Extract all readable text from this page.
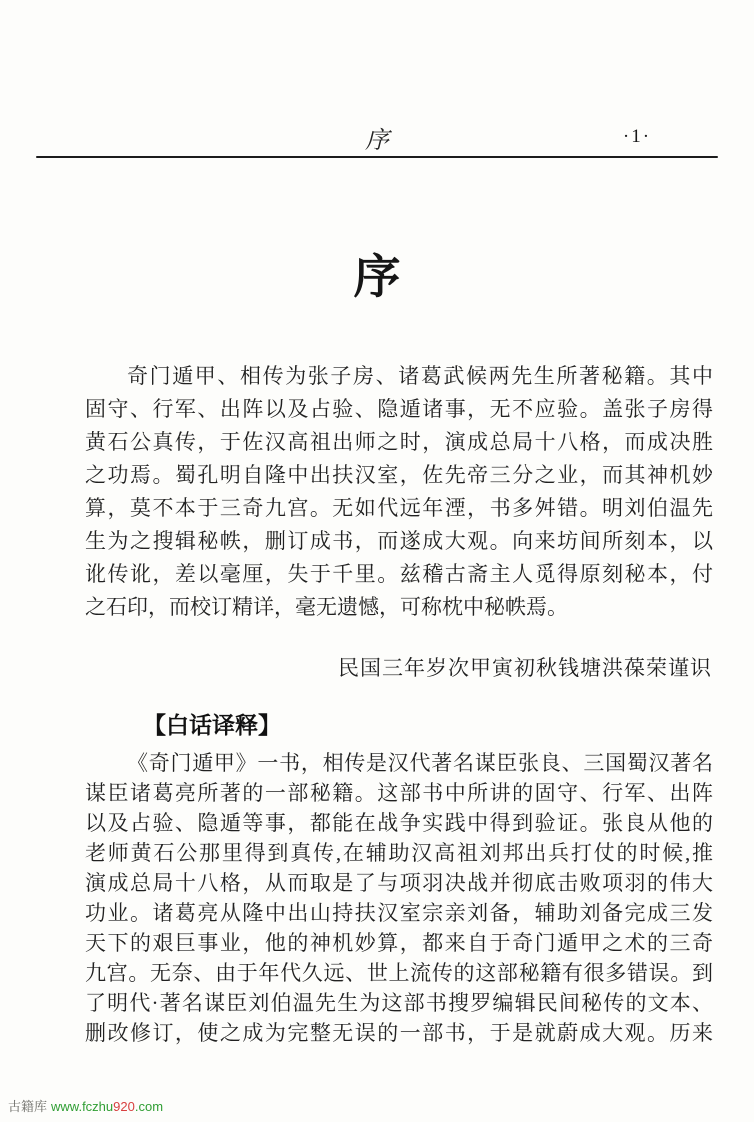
序	·1·
序
奇门遁甲、相传为张子房、诸葛武候两先生所著秘籍。其中
固守、行军、出阵以及占验、隐遁诸事，无不应验。盖张子房得
黄石公真传，于佐汉高祖出师之时，演成总局十八格，而成决胜
之功焉。蜀孔明自隆中出扶汉室，佐先帝三分之业，而其神机妙
算，莫不本于三奇九宫。无如代远年湮，书多舛错。明刘伯温先
生为之搜辑秘帙，删订成书，而遂成大观。向来坊间所刻本，以
讹传讹，差以毫厘，失于千里。兹稽古斋主人觅得原刻秘本，付
之石印，而校订精详，毫无遗憾，可称枕中秘帙焉。
民国三年岁次甲寅初秋钱塘洪葆荣谨识
【白话译释】
《奇门遁甲》一书，相传是汉代著名谋臣张良、三国蜀汉著名
谋臣诸葛亮所著的一部秘籍。这部书中所讲的固守、行军、出阵
以及占验、隐遁等事，都能在战争实践中得到验证。张良从他的
老师黄石公那里得到真传,在辅助汉高祖刘邦出兵打仗的时候,推
演成总局十八格，从而取是了与项羽决战并彻底击败项羽的伟大
功业。诸葛亮从隆中出山持扶汉室宗亲刘备，辅助刘备完成三发
天下的艰巨事业，他的神机妙算，都来自于奇门遁甲之术的三奇
九宫。无奈、由于年代久远、世上流传的这部秘籍有很多错误。到
了明代·著名谋臣刘伯温先生为这部书搜罗编辑民间秘传的文本、
删改修订，使之成为完整无误的一部书，于是就蔚成大观。历来
古籍库 www.fczhu920.com
